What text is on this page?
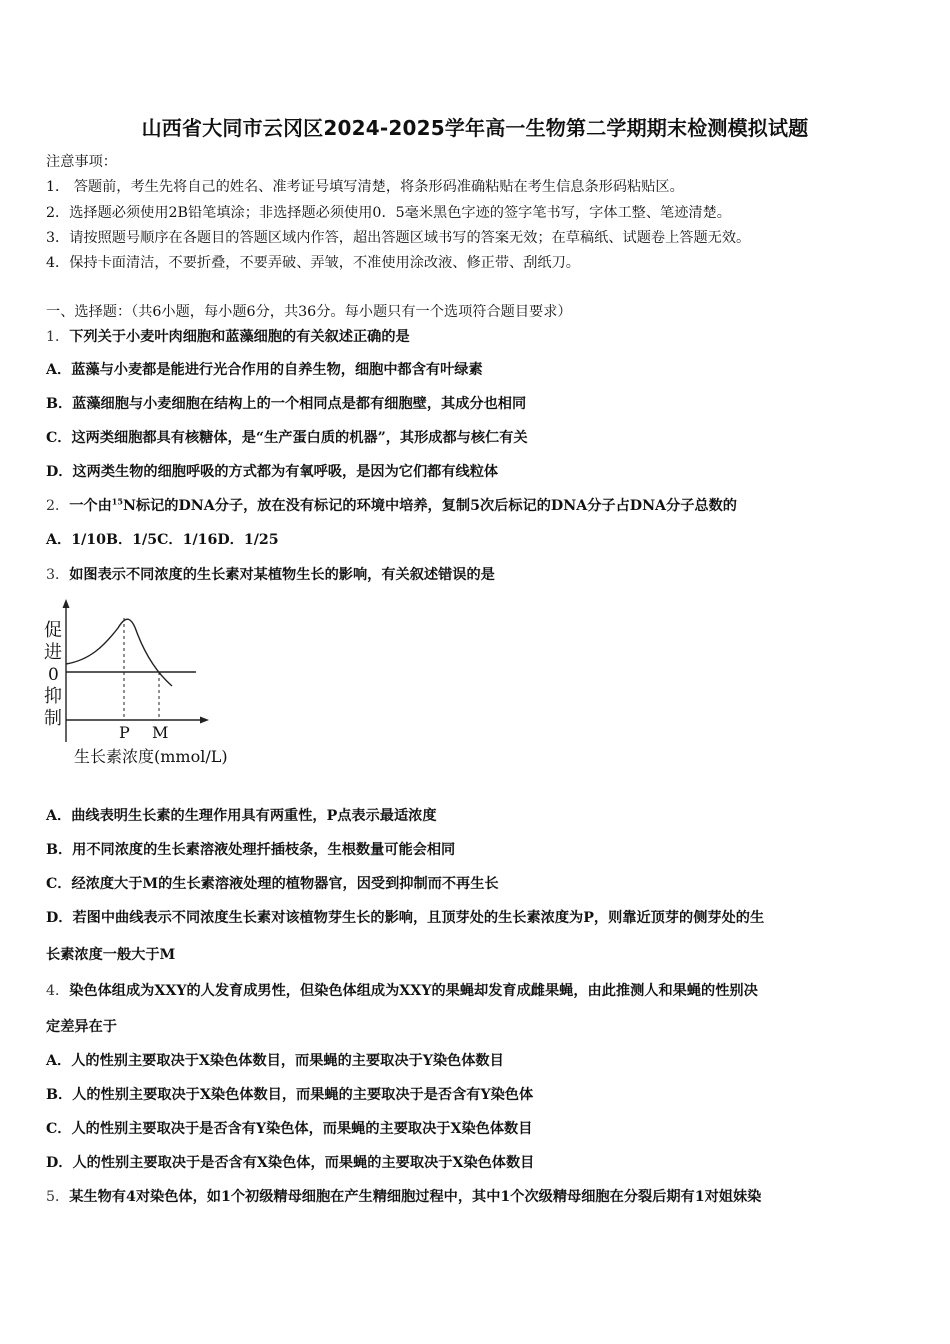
山西省大同市云冈区2024-2025学年高一生物第二学期期末检测模拟试题
注意事项：
1． 答题前，考生先将自己的姓名、准考证号填写清楚，将条形码准确粘贴在考生信息条形码粘贴区。
2．选择题必须使用2B铅笔填涂；非选择题必须使用0．5毫米黑色字迹的签字笔书写，字体工整、笔迹清楚。
3．请按照题号顺序在各题目的答题区域内作答，超出答题区域书写的答案无效；在草稿纸、试题卷上答题无效。
4．保持卡面清洁，不要折叠，不要弄破、弄皱，不准使用涂改液、修正带、刮纸刀。
一、选择题：（共6小题，每小题6分，共36分。每小题只有一个选项符合题目要求）
1．下列关于小麦叶肉细胞和蓝藻细胞的有关叙述正确的是
A．蓝藻与小麦都是能进行光合作用的自养生物，细胞中都含有叶绿素
B．蓝藻细胞与小麦细胞在结构上的一个相同点是都有细胞壁，其成分也相同
C．这两类细胞都具有核糖体，是“生产蛋白质的机器”，其形成都与核仁有关
D．这两类生物的细胞呼吸的方式都为有氧呼吸，是因为它们都有线粒体
2．一个由$^{15}$N标记的DNA分子，放在没有标记的环境中培养，复制5次后标记的DNA分子占DNA分子总数的
A．1/10B．1/5C．1/16D．1/25
3．如图表示不同浓度的生长素对某植物生长的影响，有关叙述错误的是
促
进
0
抑
制
P M
生长素浓度(mmol/L)
A．曲线表明生长素的生理作用具有两重性，P点表示最适浓度
B．用不同浓度的生长素溶液处理扦插枝条，生根数量可能会相同
C．经浓度大于M的生长素溶液处理的植物器官，因受到抑制而不再生长
D．若图中曲线表示不同浓度生长素对该植物芽生长的影响，且顶芽处的生长素浓度为P，则靠近顶芽的侧芽处的生
长素浓度一般大于M
4．染色体组成为XXY的人发育成男性，但染色体组成为XXY的果蝇却发育成雌果蝇，由此推测人和果蝇的性别决
定差异在于
A．人的性别主要取决于X染色体数目，而果蝇的主要取决于Y染色体数目
B．人的性别主要取决于X染色体数目，而果蝇的主要取决于是否含有Y染色体
C．人的性别主要取决于是否含有Y染色体，而果蝇的主要取决于X染色体数目
D．人的性别主要取决于是否含有X染色体，而果蝇的主要取决于X染色体数目
5．某生物有4对染色体，如1个初级精母细胞在产生精细胞过程中，其中1个次级精母细胞在分裂后期有1对姐妹染
